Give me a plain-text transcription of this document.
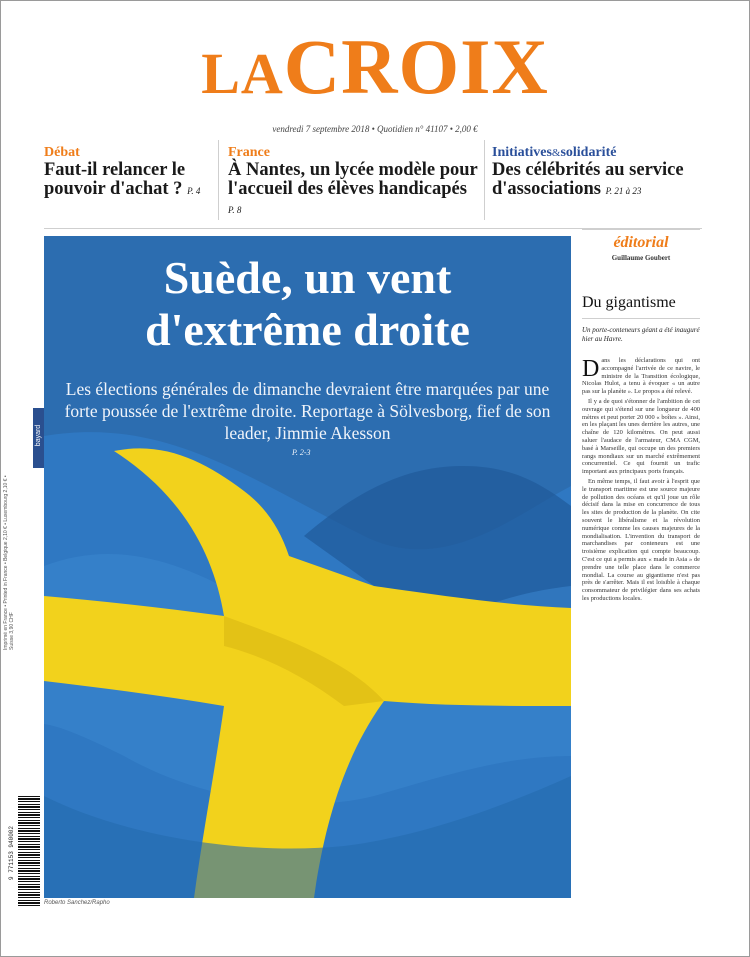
LACROIX
vendredi 7 septembre 2018 • Quotidien n° 41107 • 2,00 €
Débat
Faut-il relancer le pouvoir d'achat ? P. 4
France
À Nantes, un lycée modèle pour l'accueil des élèves handicapés P. 8
Initiatives&solidarité
Des célébrités au service d'associations P. 21 à 23
Suède, un vent
d'extrême droite
Les élections générales de dimanche devraient être marquées par une forte poussée de l'extrême droite. Reportage à Sölvesborg, fief de son leader, Jimmie Akesson
P. 2-3
Roberto Sanchez/Rapho
bayard
Imprimé en France • Printed in France • Belgique 2,10 € • Luxembourg 2,10 € • Suisse 3,90 CHF
9 771153 940002
éditorial
Guillaume Goubert
Du gigantisme
Un porte-conteneurs géant a été inauguré hier au Havre.

Dans les déclarations qui ont accompagné l'arrivée de ce navire, le ministre de la Transition écologique, Nicolas Hulot, a tenu à évoquer « un autre pas sur la planète ». Le propos a été relevé.

Il y a de quoi s'étonner de l'ambition de cet ouvrage qui s'étend sur une longueur de 400 mètres et peut porter 20 000 « boîtes ». Ainsi, en les plaçant les unes derrière les autres, une chaîne de 120 kilomètres. On peut aussi saluer l'audace de l'armateur, CMA CGM, basé à Marseille, qui occupe un des premiers rangs mondiaux sur un marché extrêmement concurrentiel. Ce qui fournit un trafic important aux principaux ports français.

En même temps, il faut avoir à l'esprit que le transport maritime est une source majeure de pollution des océans et qu'il joue un rôle décisif dans la mise en concurrence de tous les sites de production de la planète. On cite souvent le libéralisme et la révolution numérique comme les causes majeures de la mondialisation. L'invention du transport de marchandises par conteneurs est une troisième explication qui compte beaucoup. C'est ce qui a permis aux « made in Asia » de prendre une telle place dans le commerce mondial. La course au gigantisme n'est pas près de s'arrêter. Mais il est loisible à chaque consommateur de privilégier dans ses achats les productions locales.
